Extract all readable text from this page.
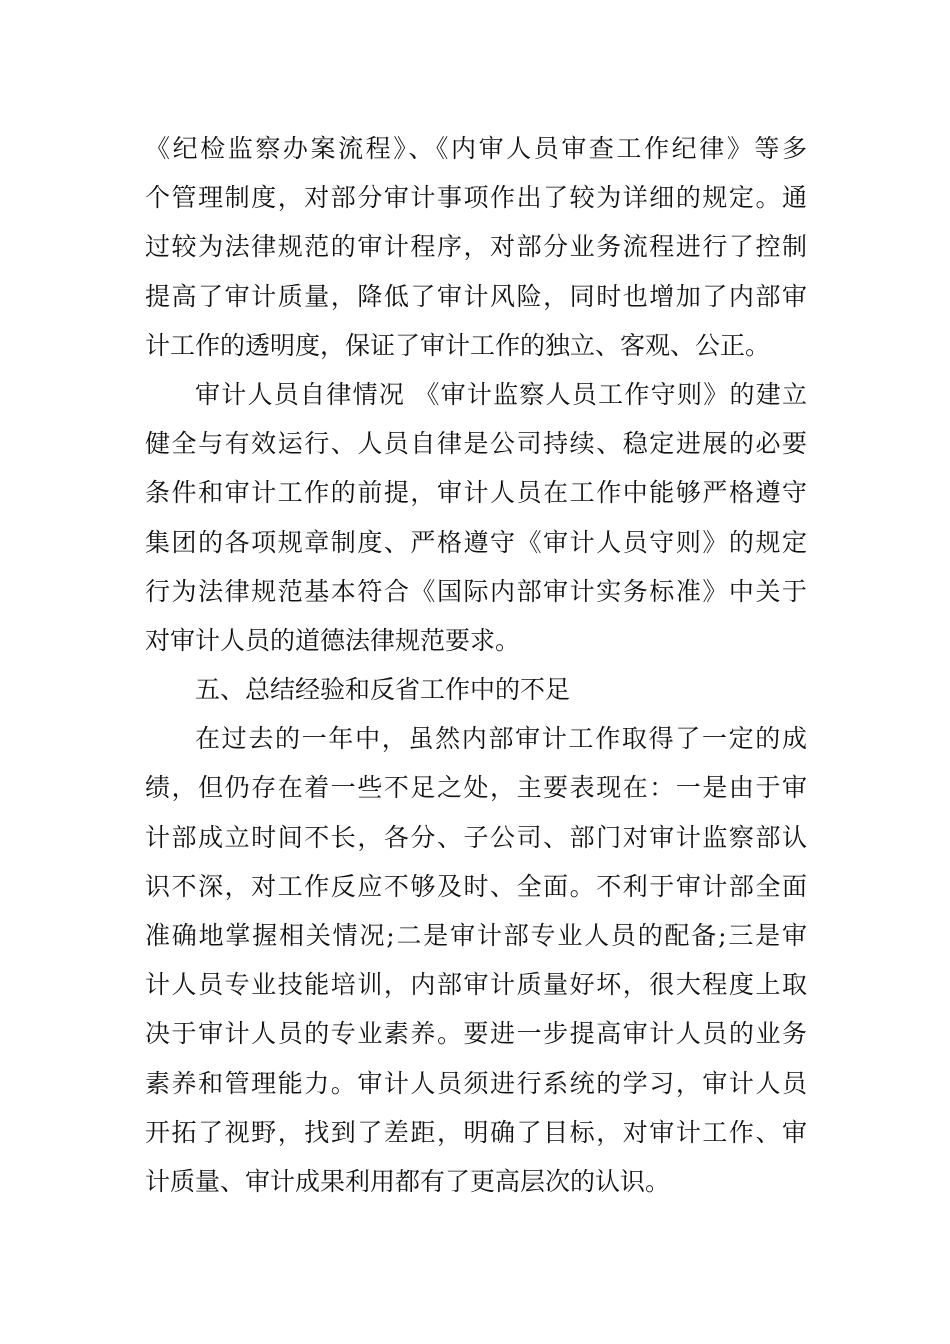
《纪检监察办案流程》、《内审人员审查工作纪律》等多
个管理制度，对部分审计事项作出了较为详细的规定。通
过较为法律规范的审计程序，对部分业务流程进行了控制
提高了审计质量，降低了审计风险，同时也增加了内部审
计工作的透明度，保证了审计工作的独立、客观、公正。
审计人员自律情况 《审计监察人员工作守则》的建立
健全与有效运行、人员自律是公司持续、稳定进展的必要
条件和审计工作的前提，审计人员在工作中能够严格遵守
集团的各项规章制度、严格遵守《审计人员守则》的规定
行为法律规范基本符合《国际内部审计实务标准》中关于
对审计人员的道德法律规范要求。
五、总结经验和反省工作中的不足
在过去的一年中，虽然内部审计工作取得了一定的成
绩，但仍存在着一些不足之处，主要表现在：一是由于审
计部成立时间不长，各分、子公司、部门对审计监察部认
识不深，对工作反应不够及时、全面。不利于审计部全面
准确地掌握相关情况;二是审计部专业人员的配备;三是审
计人员专业技能培训，内部审计质量好坏，很大程度上取
决于审计人员的专业素养。要进一步提高审计人员的业务
素养和管理能力。审计人员须进行系统的学习，审计人员
开拓了视野，找到了差距，明确了目标，对审计工作、审
计质量、审计成果利用都有了更高层次的认识。
